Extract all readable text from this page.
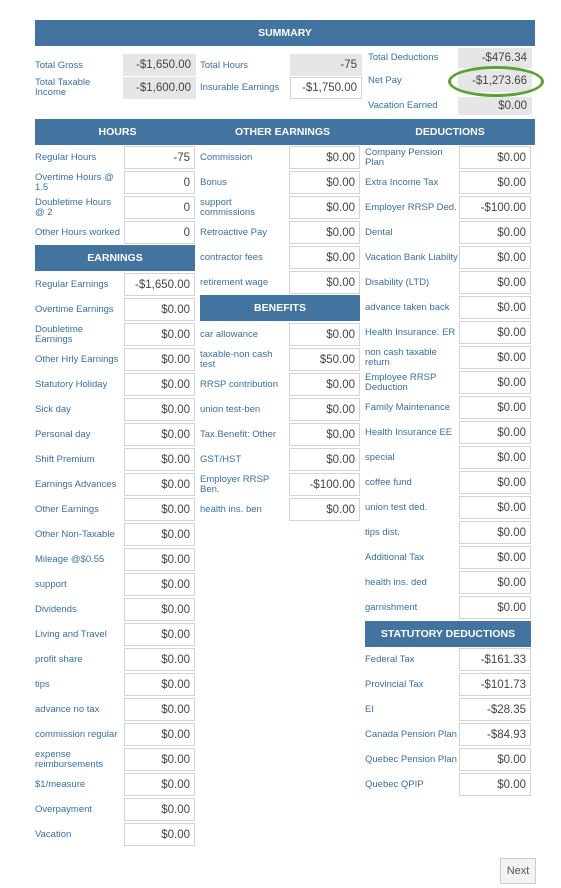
SUMMARY
Total Gross	-$1,650.00 Total Hours	-75
Total Deductions	-$476.34
Total Taxable Income	-$1,600.00 Insurable Earnings	-$1,750.00
Net Pay	-$1,273.66
Vacation Earned	$0.00
HOURS	OTHER EARNINGS	DEDUCTIONS
Regular Hours	-75
Overtime Hours @ 1.5	0
Doubletime Hours @ 2	0
Other Hours worked	0
EARNINGS
Regular Earnings	-$1,650.00
Overtime Earnings	$0.00
Doubletime Earnings	$0.00
Other Hrly Earnings	$0.00
Statutory Holiday	$0.00
Sick day	$0.00
Personal day	$0.00
Shift Premium	$0.00
Earnings Advances	$0.00
Other Earnings	$0.00
Other Non-Taxable	$0.00
Mileage @$0.55	$0.00
support	$0.00
Dividends	$0.00
Living and Travel	$0.00
profit share	$0.00
tips	$0.00
advance no tax	$0.00
commission regular	$0.00
expense reimbursements	$0.00
$1/measure	$0.00
Overpayment	$0.00
Vacation	$0.00
Commission	$0.00
Bonus	$0.00
support commissions	$0.00
Retroactive Pay	$0.00
contractor fees	$0.00
retirement wage	$0.00
BENEFITS
car allowance	$0.00
taxable-non cash test	$50.00
RRSP contribution	$0.00
union test-ben	$0.00
Tax.Benefit: Other	$0.00
GST/HST	$0.00
Employer RRSP Ben.	-$100.00
health ins. ben	$0.00
Company Pension Plan	$0.00
Extra Income Tax	$0.00
Employer RRSP Ded.	-$100.00
Dental	$0.00
Vacation Bank Liabilty	$0.00
Disability (LTD)	$0.00
advance taken back	$0.00
Health Insurance. ER	$0.00
non cash taxable return	$0.00
Employee RRSP Deduction	$0.00
Family Maintenance	$0.00
Health Insurance EE	$0.00
special	$0.00
coffee fund	$0.00
union test ded.	$0.00
tips dist.	$0.00
Additional Tax	$0.00
health ins. ded	$0.00
garnishment	$0.00
STATUTORY DEDUCTIONS
Federal Tax	-$161.33
Provincial Tax	-$101.73
EI	-$28.35
Canada Pension Plan	-$84.93
Quebec Pension Plan	$0.00
Quebec QPIP	$0.00
Next
